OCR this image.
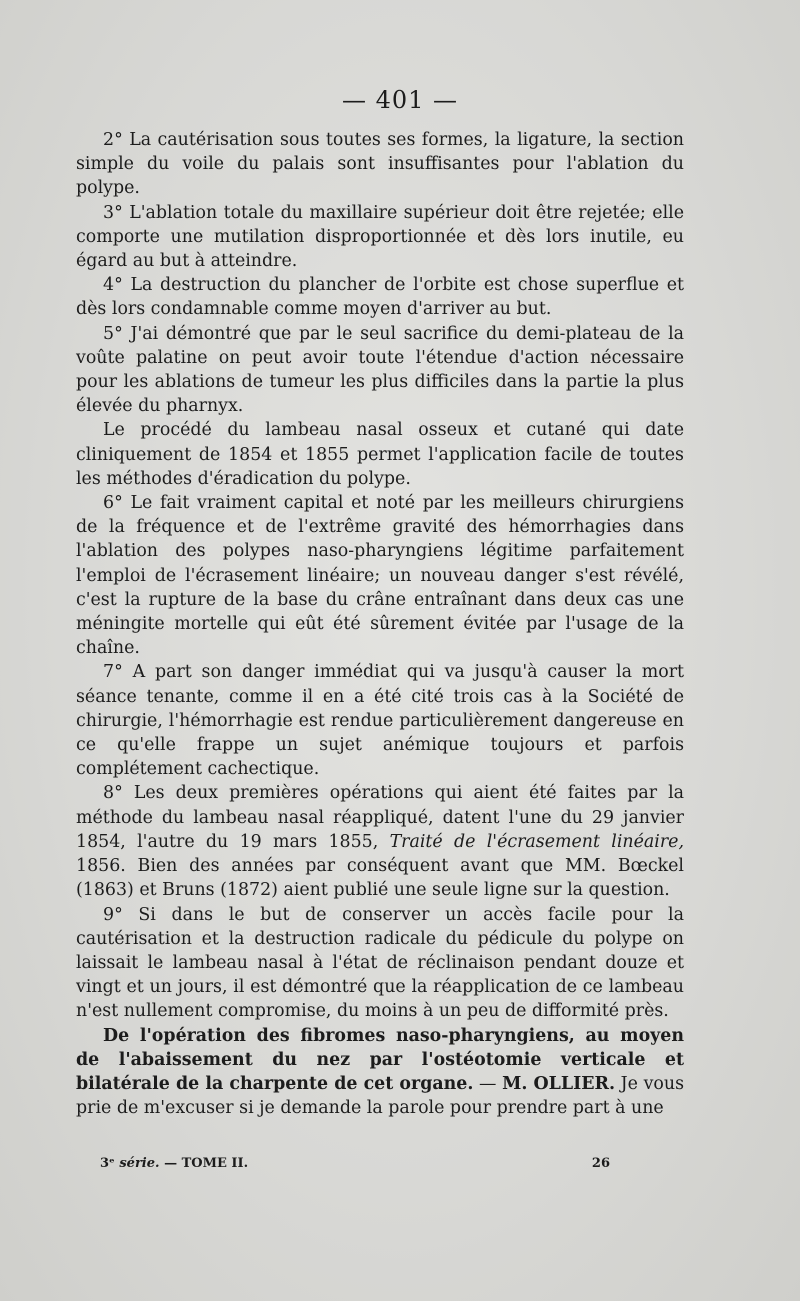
— 401 —

2° La cautérisation sous toutes ses formes, la ligature, la section simple du voile du palais sont insuffisantes pour l'ablation du polype.

3° L'ablation totale du maxillaire supérieur doit être rejetée; elle comporte une mutilation disproportionnée et dès lors inutile, eu égard au but à atteindre.

4° La destruction du plancher de l'orbite est chose superflue et dès lors condamnable comme moyen d'arriver au but.

5° J'ai démontré que par le seul sacrifice du demi-plateau de la voûte palatine on peut avoir toute l'étendue d'action nécessaire pour les ablations de tumeur les plus difficiles dans la partie la plus élevée du pharnyx.

Le procédé du lambeau nasal osseux et cutané qui date cliniquement de 1854 et 1855 permet l'application facile de toutes les méthodes d'éradication du polype.

6° Le fait vraiment capital et noté par les meilleurs chirurgiens de la fréquence et de l'extrême gravité des hémorrhagies dans l'ablation des polypes naso-pharyngiens légitime parfaitement l'emploi de l'écrasement linéaire; un nouveau danger s'est révélé, c'est la rupture de la base du crâne entraînant dans deux cas une méningite mortelle qui eût été sûrement évitée par l'usage de la chaîne.

7° A part son danger immédiat qui va jusqu'à causer la mort séance tenante, comme il en a été cité trois cas à la Société de chirurgie, l'hémorrhagie est rendue particulièrement dangereuse en ce qu'elle frappe un sujet anémique toujours et parfois complétement cachectique.

8° Les deux premières opérations qui aient été faites par la méthode du lambeau nasal réappliqué, datent l'une du 29 janvier 1854, l'autre du 19 mars 1855, Traité de l'écrasement linéaire, 1856. Bien des années par conséquent avant que MM. Bœckel (1863) et Bruns (1872) aient publié une seule ligne sur la question.

9° Si dans le but de conserver un accès facile pour la cautérisation et la destruction radicale du pédicule du polype on laissait le lambeau nasal à l'état de réclinaison pendant douze et vingt et un jours, il est démontré que la réapplication de ce lambeau n'est nullement compromise, du moins à un peu de difformité près.

De l'opération des fibromes naso-pharyngiens, au moyen de l'abaissement du nez par l'ostéotomie verticale et bilatérale de la charpente de cet organe. — M. OLLIER. Je vous prie de m'excuser si je demande la parole pour prendre part à une

3ᵉ série. — TOME II.	26
